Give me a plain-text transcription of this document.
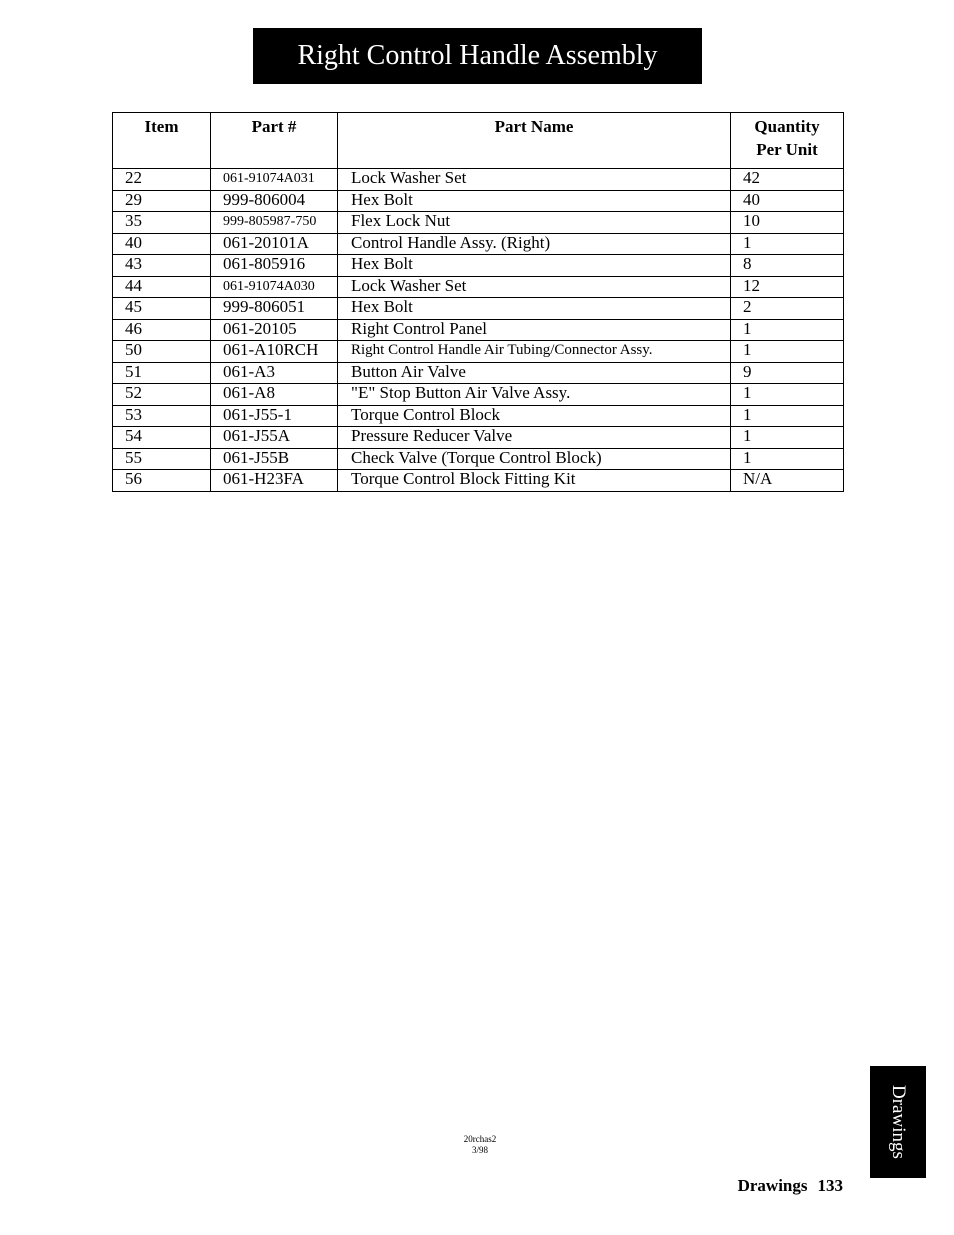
Right Control Handle Assembly
Item	Part #	Part Name	Quantity
Per Unit

22	061-91074A031	Lock Washer Set	42
29	999-806004	Hex Bolt	40
35	999-805987-750	Flex Lock Nut	10
40	061-20101A	Control Handle Assy. (Right)	1
43	061-805916	Hex Bolt	8
44	061-91074A030	Lock Washer Set	12
45	999-806051	Hex Bolt	2
46	061-20105	Right Control Panel	1
50	061-A10RCH	Right Control Handle Air Tubing/Connector Assy.	1
51	061-A3	Button Air Valve	9
52	061-A8	"E" Stop Button Air Valve Assy.	1
53	061-J55-1	Torque Control Block	1
54	061-J55A	Pressure Reducer Valve	1
55	061-J55B	Check Valve (Torque Control Block)	1
56	061-H23FA	Torque Control Block Fitting Kit	N/A
20rchas2
3/98	Drawings
Drawings 133
